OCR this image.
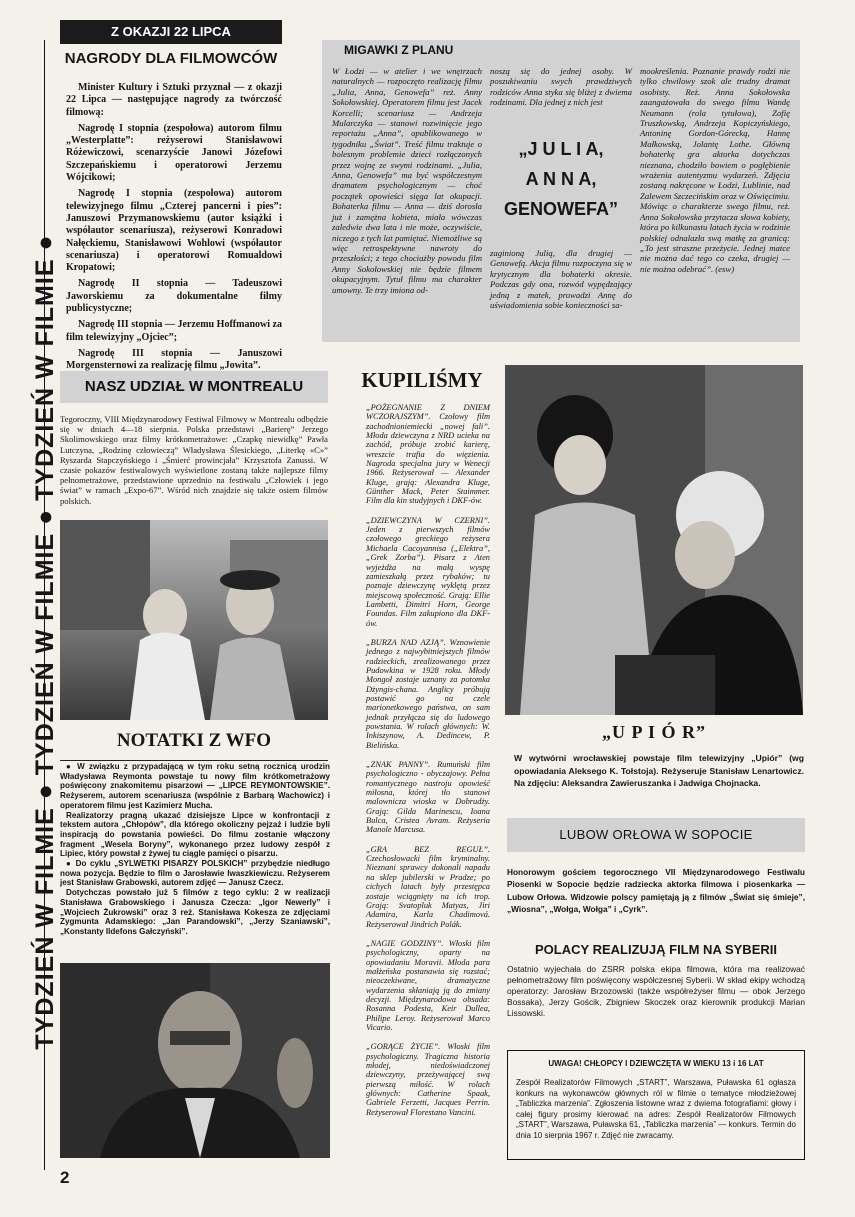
TYDZIEŃ W FILMIE ● TYDZIEŃ W FILMIE ● TYDZIEŃ W FILMIE ●
Z OKAZJI 22 LIPCA
NAGRODY DLA FILMOWCÓW

Minister Kultury i Sztuki przyznał — z okazji 22 Lipca — następujące nagrody za twórczość filmową:

Nagrodę I stopnia (zespołowa) autorom filmu „Westerplatte”: reżyserowi Stanisławowi Różewiczowi, scenarzyście Janowi Józefowi Szczepańskiemu i operatorowi Jerzemu Wójcikowi;

Nagrodę I stopnia (zespołowa) autorom telewizyjnego filmu „Czterej pancerni i pies”: Januszowi Przymanowskiemu (autor książki i współautor scenariusza), reżyserowi Konradowi Nałęckiemu, Stanisławowi Wohlowi (współautor scenariusza) i operatorowi Romualdowi Kropatowi;

Nagrodę II stopnia — Tadeuszowi Jaworskiemu za dokumentalne filmy publicystyczne;

Nagrodę III stopnia — Jerzemu Hoffmanowi za film telewizyjny „Ojciec”;

Nagrodę III stopnia — Januszowi Morgensternowi za realizację filmu „Jowita”.

MIGAWKI Z PLANU
W Łodzi — w atelier i we wnętrzach naturalnych — rozpoczęto realizację filmu „Julia, Anna, Genowefa” reż. Anny Sokołowskiej. Operatorem filmu jest Jacek Korcelli; scenariusz — Andrzeja Mularczyka — stanowi rozwinięcie jego reportażu „Anna”, opublikowanego w tygodniku „Świat”. Treść filmu traktuje o bolesnym problemie dzieci rozłączonych przez wojnę ze swymi rodzinami. „Julia, Anna, Genowefa” ma być współczesnym dramatem psychologicznym — choć początek opowieści sięga lat okupacji. Bohaterka filmu — Anna — dziś dorosła już i zamężna kobieta, miała wówczas zaledwie dwa lata i nie może, oczywiście, niczego z tych lat pamiętać. Niemożliwe są więc retrospektywne nawroty do przeszłości; z tego chociażby powodu film Anny Sokołowskiej nie będzie filmem okupacyjnym. Tytuł filmu ma charakter umowny. Te trzy imiona od-
noszą się do jednej osoby. W poszukiwaniu swych prawdziwych rodziców Anna styka się bliżej z dwiema rodzinami. Dla jednej z nich jest
„J U L I A,
A N N A,
GENOWEFA”
zaginioną Julią, dla drugiej — Genowefą. Akcja filmu rozpoczyna się w krytycznym dla bohaterki okresie. Podczas gdy ona, rozwód wypędzający jedną z matek, prowadzi Annę do uświadomienia sobie konieczności sa-
mookreślenia. Poznanie prawdy rodzi nie tylko chwilowy szok ale trudny dramat osobisty. Reż. Anna Sokołowska zaangażowała do swego filmu Wandę Neumann (rola tytułowa), Zofię Truszkowską, Andrzeja Kopiczyńskiego, Antoninę Gordon-Górecką, Hannę Małkowską, Jolantę Lothe. Główną bohaterkę gra aktorka dotychczas nieznana, chodziło bowiem o pogłębienie wrażenia autentyzmu wydarzeń. Zdjęcia zostaną nakręcone w Łodzi, Lublinie, nad Zalewem Szczecińskim oraz w Oświęcimiu. Mówiąc o charakterze swego filmu, reż. Anna Sokołowska przytacza słowa kobiety, która po kilkunastu latach życia w rodzinie polskiej odnalazła swą matkę za granicą: „To jest straszne przeżycie. Jednej matce nie można dać tego co czeka, drugiej — nie można odebrać”. (esw)
NASZ UDZIAŁ W MONTREALU
Tegoroczny, VIII Międzynarodowy Festiwal Filmowy w Montrealu odbędzie się w dniach 4—18 sierpnia. Polska przedstawi „Barierę” Jerzego Skolimowskiego oraz filmy krótkometrażowe: „Czapkę niewidkę” Pawła Lutczyna, „Rodzinę człowieczą” Władysława Ślesickiego, „Literkę «C»” Ryszarda Stapczyńskiego i „Śmierć prowincjała” Krzysztofa Zanussi. W czasie pokazów festiwalowych wyświetlone zostaną także najlepsze filmy pełnometrażowe, przedstawione uprzednio na festiwalu „Człowiek i jego świat” w ramach „Expo-67”. Wśród nich znajdzie się także osiem filmów polskich.
NOTATKI Z WFO

● W związku z przypadającą w tym roku setną rocznicą urodzin Władysława Reymonta powstaje tu nowy film krótkometrażowy poświęcony znakomitemu pisarzowi — „LIPCE REYMONTOWSKIE”. Reżyserem, autorem scenariusza (wspólnie z Barbarą Wachowicz) i operatorem filmu jest Kazimierz Mucha.

Realizatorzy pragną ukazać dzisiejsze Lipce w konfrontacji z tekstem autora „Chłopów”, dla którego okoliczny pejzaż i ludzie byli inspiracją do powstania powieści. Do filmu zostanie włączony fragment „Wesela Boryny”, wykonanego przez ludowy zespół z Lipiec, który powstał z żywej tu ciągle pamięci o pisarzu.

● Do cyklu „SYLWETKI PISARZY POLSKICH” przybędzie niedługo nowa pozycja. Będzie to film o Jarosławie Iwaszkiewiczu. Reżyserem jest Stanisław Grabowski, autorem zdjęć — Janusz Czecz.

Dotychczas powstało już 5 filmów z tego cyklu: 2 w realizacji Stanisława Grabowskiego i Janusza Czecza: „Igor Newerly” i „Wojciech Żukrowski” oraz 3 reż. Stanisława Kokesza ze zdjęciami Zygmunta Adamskiego: „Jan Parandowski”, „Jerzy Szaniawski”, „Konstanty Ildefons Gałczyński”.

KUPILIŚMY

„POŻEGNANIE Z DNIEM WCZORAJSZYM”. Czołowy film zachodnioniemiecki „nowej fali”. Młoda dziewczyna z NRD ucieka na zachód, próbuje zrobić karierę, wreszcie trafia do więzienia. Nagroda specjalna jury w Wenecji 1966. Reżyserował — Alexander Kluge, grają: Alexandra Kluge, Günther Mack, Peter Staimmer. Film dla kin studyjnych i DKF-ów.

„DZIEWCZYNA W CZERNI”. Jeden z pierwszych filmów czołowego greckiego reżysera Michaela Cacoyannisa („Elektra”, „Grek Zorba”). Pisarz z Aten wyjeżdża na małą wyspę zamieszkałą przez rybaków; tu poznaje dziewczynę wyklętą przez miejscową społeczność. Grają: Ellie Lambetti, Dimitri Horn, George Foundas. Film zakupiono dla DKF-ów.

„BURZA NAD AZJĄ”. Wznowienie jednego z najwybitniejszych filmów radzieckich, zrealizowanego przez Pudowkina w 1928 roku. Młody Mongoł zostaje uznany za potomka Dżyngis-chana. Anglicy próbują postawić go na czele marionetkowego państwa, on sam jednak przyłącza się do ludowego powstania. W rolach głównych: W. Inkiszynow, A. Dedincew, P. Bielińska.

„ZNAK PANNY”. Rumuński film psychologiczno - obyczajowy. Pełna romantycznego nastroju opowieść miłosna, której tło stanowi malownicza wioska w Dobrudży. Grają: Gilda Marinescu, Ioana Bulca, Cristea Avram. Reżyseria Manole Marcusa.

„GRA BEZ REGUŁ”. Czechosłowacki film kryminalny. Nieznani sprawcy dokonali napadu na sklep jubilerski w Pradze; po cichych latach były przestępca zostaje wciągnięty na ich trop. Grają: Svatopluk Matyas, Jiri Adamira, Karla Chadimová. Reżyserował Jindrich Polák.

„NAGIE GODZINY”. Włoski film psychologiczny, oparty na opowiadaniu Moravii. Młoda para małżeńska postanawia się rozstać; nieoczekiwane, dramatyczne wydarzenia skłaniają ją do zmiany decyzji. Międzynarodowa obsada: Rosanna Podesta, Keir Dullea, Philipe Leroy. Reżyserował Marco Vicario.

„GORĄCE ŻYCIE”. Włoski film psychologiczny. Tragiczna historia młodej, niedoświadczonej dziewczyny, przeżywającej swą pierwszą miłość. W rolach głównych: Catherine Spaak, Gabriele Ferzetti, Jacques Perrin. Reżyserował Florestano Vancini.

„U P I Ó R”
W wytwórni wrocławskiej powstaje film telewizyjny „Upiór” (wg opowiadania Aleksego K. Tołstoja). Reżyseruje Stanisław Lenartowicz. Na zdjęciu: Aleksandra Zawieruszanka i Jadwiga Chojnacka.
LUBOW ORŁOWA W SOPOCIE
Honorowym gościem tegorocznego VII Międzynarodowego Festiwalu Piosenki w Sopocie będzie radziecka aktorka filmowa i piosenkarka — Lubow Orłowa. Widzowie polscy pamiętają ją z filmów „Świat się śmieje”, „Wiosna”, „Wołga, Wołga” i „Cyrk”.
POLACY REALIZUJĄ FILM NA SYBERII
Ostatnio wyjechała do ZSRR polska ekipa filmowa, która ma realizować pełnometrażowy film poświęcony współczesnej Syberii. W skład ekipy wchodzą operatorzy: Jarosław Brzozowski (także współreżyser filmu — obok Jerzego Bossaka), Jerzy Gościk, Zbigniew Skoczek oraz kierownik produkcji Marian Lissowski.
UWAGA! CHŁOPCY I DZIEWCZĘTA W WIEKU 13 i 16 LAT
Zespół Realizatorów Filmowych „START”, Warszawa, Puławska 61 ogłasza konkurs na wykonawców głównych ról w filmie o tematyce młodzieżowej „Tabliczka marzenia”. Zgłoszenia listowne wraz z dwiema fotografiami: głowy i całej figury prosimy kierować na adres: Zespół Realizatorów Filmowych „START”, Warszawa, Puławska 61, „Tabliczka marzenia” — konkurs. Termin do dnia 10 sierpnia 1967 r. Zdjęć nie zwracamy.
2
